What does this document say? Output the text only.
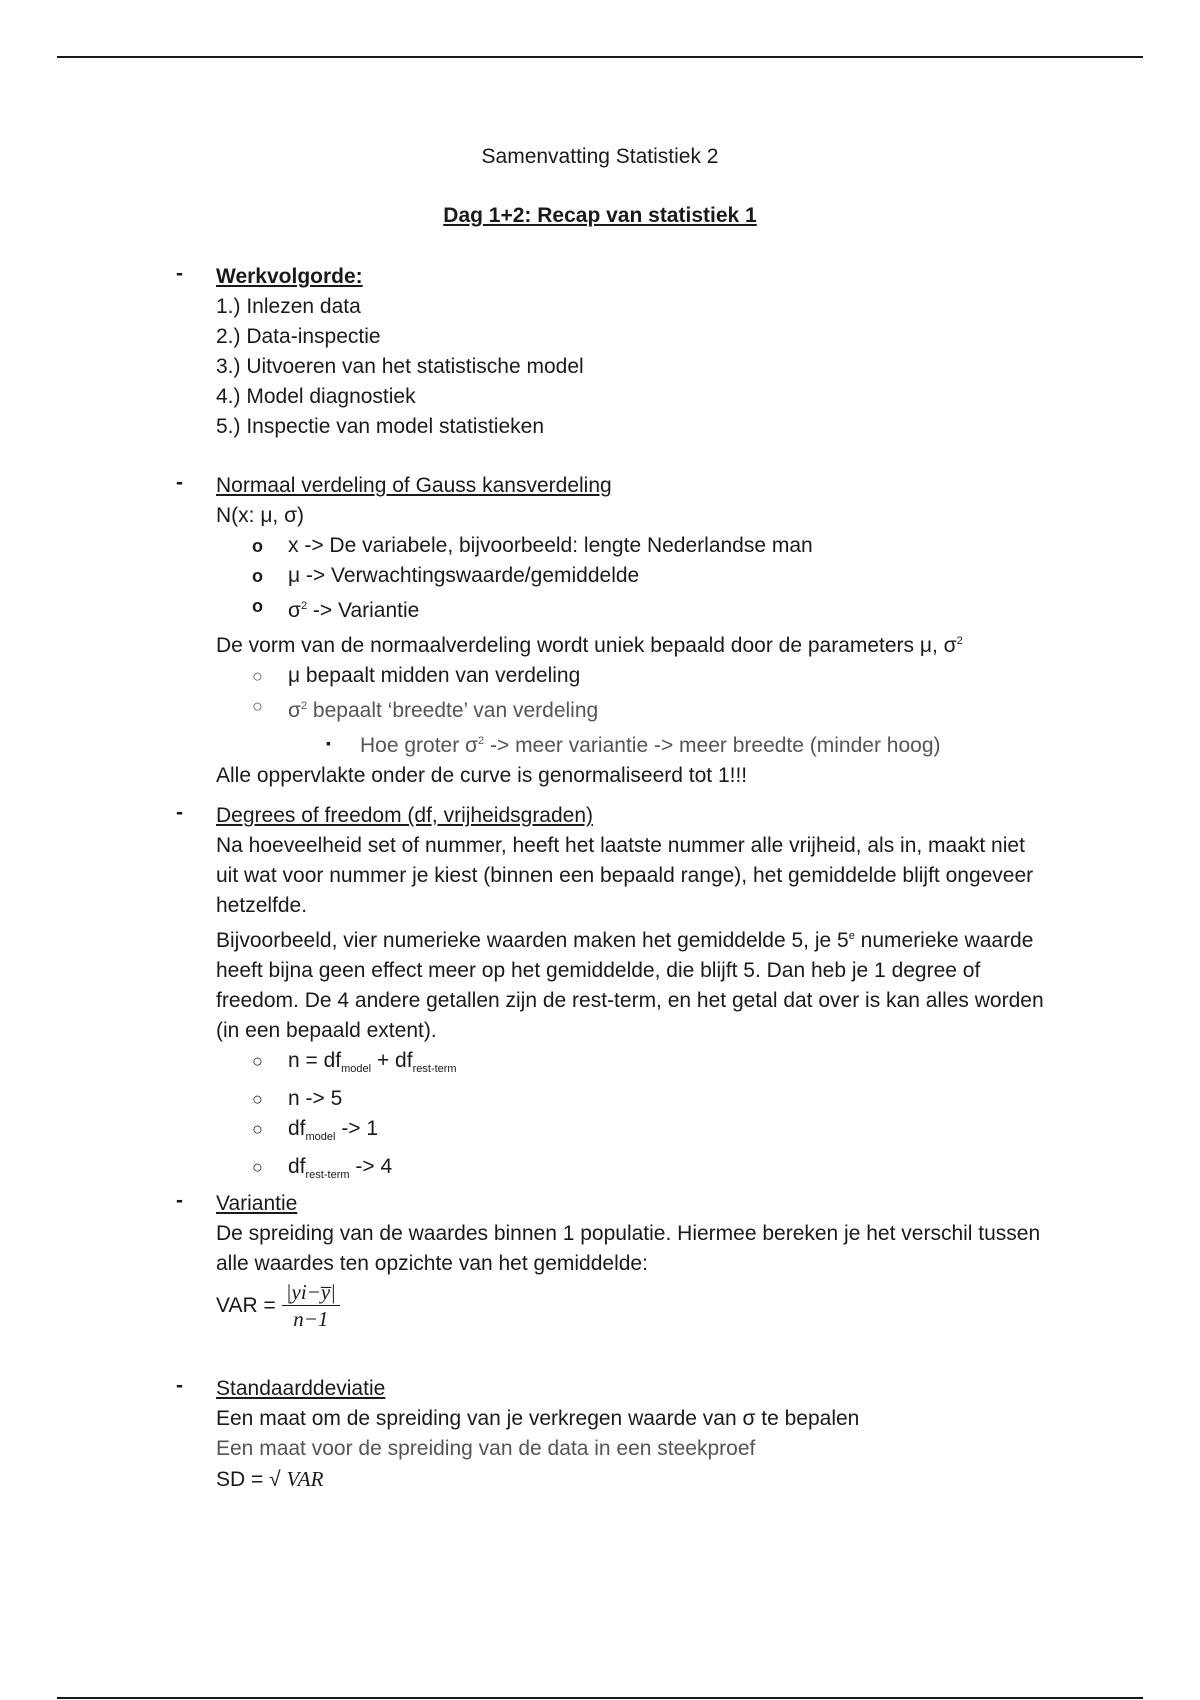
Samenvatting Statistiek 2
Dag 1+2: Recap van statistiek 1
- Werkvolgorde:

1.) Inlezen data
2.) Data-inspectie
3.) Uitvoeren van het statistische model
4.) Model diagnostiek
5.) Inspectie van model statistieken
- Normaal verdeling of Gauss kansverdeling

N(x: μ, σ)

o x -> De variabele, bijvoorbeeld: lengte Nederlandse man
o μ -> Verwachtingswaarde/gemiddelde
o $\sigma^2$ -> Variantie

De vorm van de normaalverdeling wordt uniek bepaald door de parameters μ, $\sigma^2$

○ μ bepaalt midden van verdeling
○ $\sigma^2$ bepaalt ‘breedte’ van verdeling
▪ Hoe groter $\sigma^2$ -> meer variantie -> meer breedte (minder hoog)

Alle oppervlakte onder de curve is genormaliseerd tot 1!!!

- Degrees of freedom (df, vrijheidsgraden)

Na hoeveelheid set of nummer, heeft het laatste nummer alle vrijheid, als in, maakt niet uit wat voor nummer je kiest (binnen een bepaald range), het gemiddelde blijft ongeveer hetzelfde.

Bijvoorbeeld, vier numerieke waarden maken het gemiddelde 5, je 5e numerieke waarde heeft bijna geen effect meer op het gemiddelde, die blijft 5. Dan heb je 1 degree of freedom. De 4 andere getallen zijn de rest-term, en het getal dat over is kan alles worden (in een bepaald extent).

○ $n = df_{model} + df_{rest-term}$
○ n -> 5
○ $df_{model} -> 1$
○ $df_{rest-term} -> 4$
- Variantie

De spreiding van de waardes binnen 1 populatie. Hiermee bereken je het verschil tussen alle waardes ten opzichte van het gemiddelde:

VAR = $\frac{|yi-y̅|}{n-1}$
- Standaarddeviatie

Een maat om de spreiding van je verkregen waarde van σ te bepalen

Een maat voor de spreiding van de data in een steekproef

SD = √ VAR
